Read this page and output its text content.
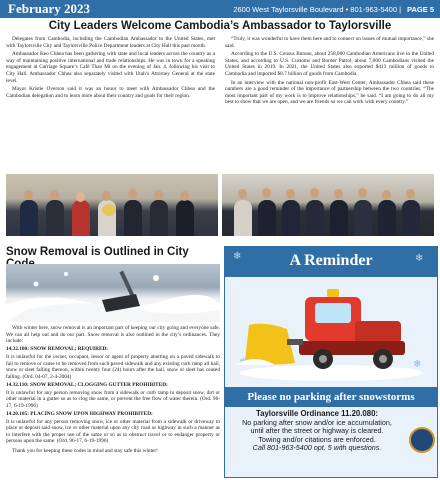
February 2023	2600 West Taylorsville Boulevard • 801-963-5400 | PAGE 5
City Leaders Welcome Cambodia’s Ambassador to Taylorsville

Delegates from Cambodia, including the Cambodian Ambassador to the United States, met with Taylorsville City and Taylorsville Police Department leaders at City Hall this past month.

Ambassador Keo Chhea has been gathering with state and local leaders across the country as a way of maintaining positive international and trade relationships. He was in town for a speaking engagement at Carriage Square’s Café Thao Mi on the evening of Jan. 4, following his visit to City Hall. Ambassador Chhea also separately visited with Utah’s Attorney General at the state level.

Mayor Kristie Overson said it was an honor to meet with Ambassador Chhea and the Cambodian delegation and to learn more about their country and goals for their region.

“Truly, it was wonderful to have them here and to connect on issues of mutual importance,” she said.

According to the U.S. Census Bureau, about 258,000 Cambodian Americans live in the United States, and according to U.S. Customs and Border Patrol, about 7,000 Cambodians visited the United States in 2019. In 2021, the United States also exported $413 million of goods to Cambodia and imported $8.7 billion of goods from Cambodia.

In an interview with the national non-profit East-West Center, Ambassador Chhea said these numbers are a good reminder of the importance of partnership between the two countries. “The most important part of my work is to improve relationships,” he said. “I am going to do all my best to show that we are open, and we are friends so we can work with every country.”

Snow Removal is Outlined in City

With winter here, snow removal is an important part of keeping our city going and everyone safe. We can all help out and do our part. Snow removal is also outlined in the city’s ordinances. They include:

14.32.100: SNOW REMOVAL; REQUIRED:

It is unlawful for the owner, occupant, lessor or agent of property abutting on a paved sidewalk to fail to remove or cause to be removed from such paved sidewalk and any existing curb ramp all hail, snow or sleet falling thereon, within twenty four (24) hours after the hail, snow or sleet has ceased falling. (Ord. 04-07, 2-4-2004)

14.32.110: SNOW REMOVAL; CLOGGING GUTTER PROHIBITED:

It is unlawful for any person removing snow from a sidewalk or curb ramp to deposit snow, dirt or other material in a gutter so as to clog the same, or prevent the free flow of water therein. (Ord. 96-17, 6-19-1996)

14.20.105: PLACING SNOW UPON HIGHWAY PROHIBITED:

It is unlawful for any person removing snow, ice or other material from a sidewalk or driveway to place or deposit said snow, ice or other material upon any city road or highway in such a manner as to interfere with the proper use of the same or so as to obstruct travel or to endanger property or persons upon the same. (Ord. 96-17, 6-19-1996)

Thank you for keeping these codes in mind and stay safe this winter!

❄	❄
❄
A Reminder
Please no parking after snowstorms
Taylorsville Ordinance 11.20.080:
No parking after snow and/or ice accumulation,
until after the street or highway is cleared.
Towing and/or citations are enforced.
Call 801-963-5400 opt. 5 with questions.
